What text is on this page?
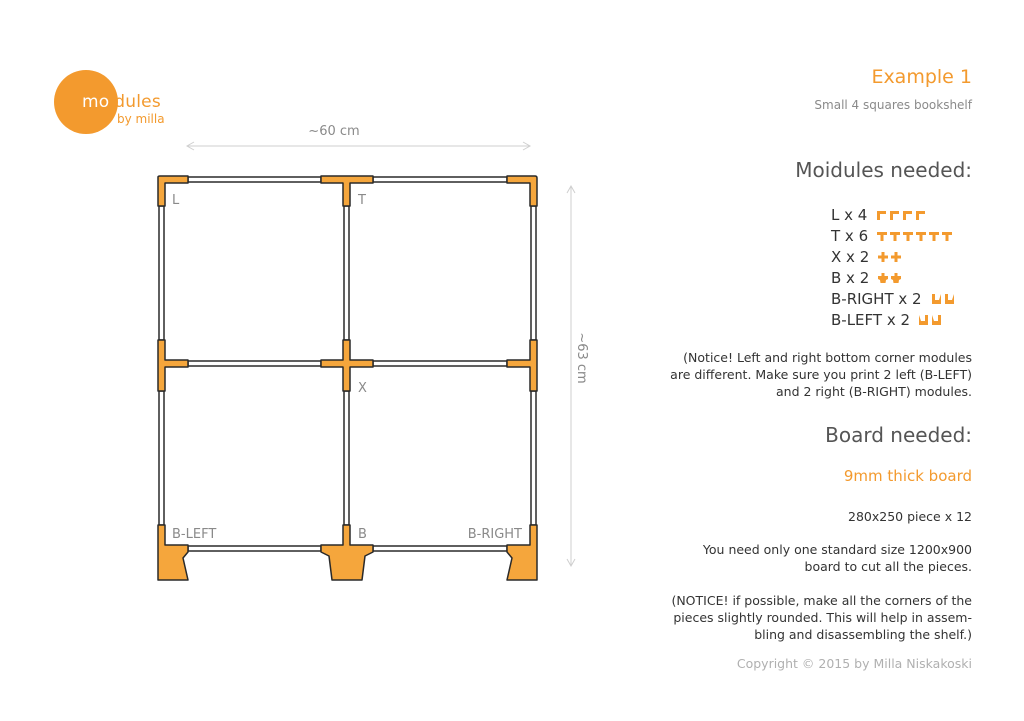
moidules
by milla
~60 cm
~63 cm
L	T
X
B-LEFT	B	B-RIGHT
Example 1
Small 4 squares bookshelf
Moidules needed:
L x 4
T x 6
X x 2
B x 2
B-RIGHT x 2
B-LEFT x 2
(Notice! Left and right bottom corner modules
are different. Make sure you print 2 left (B-LEFT)
and 2 right (B-RIGHT) modules.
Board needed:
9mm thick board
280x250 piece x 12
You need only one standard size 1200x900
board to cut all the pieces.
(NOTICE! if possible, make all the corners of the
pieces slightly rounded. This will help in assem-
bling and disassembling the shelf.)
Copyright © 2015 by Milla Niskakoski
